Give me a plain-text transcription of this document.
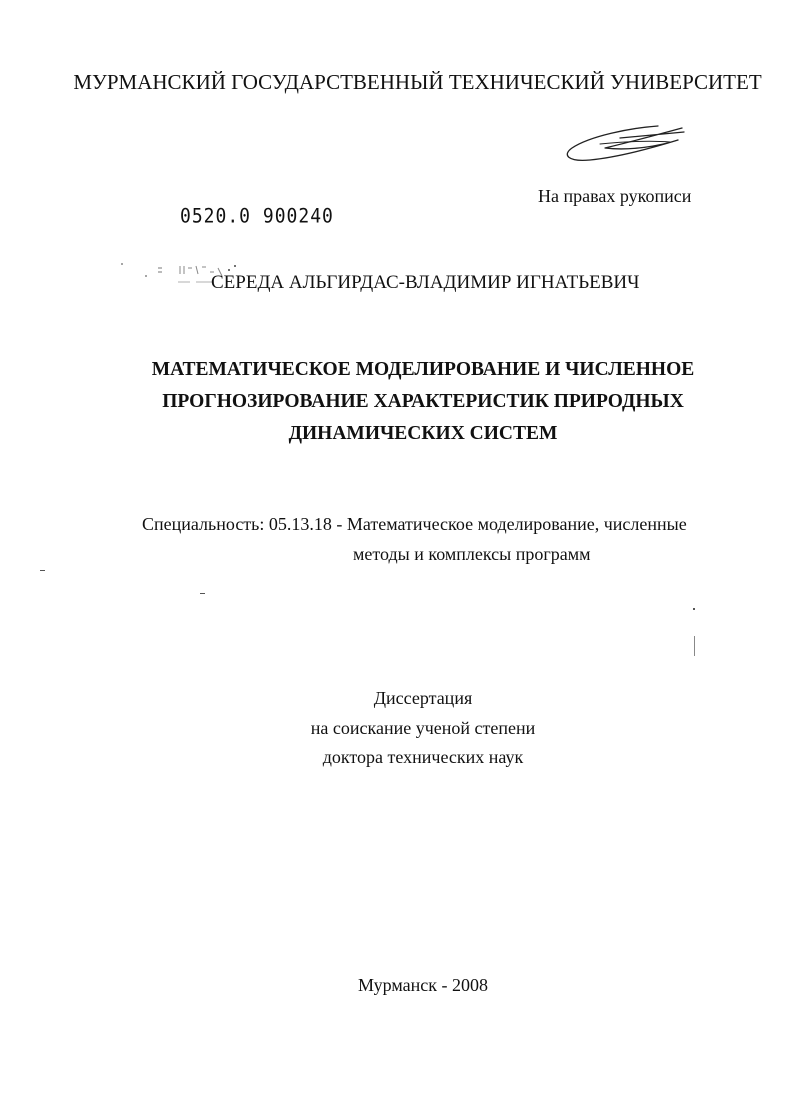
МУРМАНСКИЙ ГОСУДАРСТВЕННЫЙ ТЕХНИЧЕСКИЙ УНИВЕРСИТЕТ
На правах рукописи
0520.0 900240
СЕРЕДА АЛЬГИРДАС-ВЛАДИМИР ИГНАТЬЕВИЧ
МАТЕМАТИЧЕСКОЕ МОДЕЛИРОВАНИЕ И ЧИСЛЕННОЕ
ПРОГНОЗИРОВАНИЕ ХАРАКТЕРИСТИК ПРИРОДНЫХ
ДИНАМИЧЕСКИХ СИСТЕМ
Специальность: 05.13.18 - Математическое моделирование, численные
методы и комплексы программ
Диссертация
на соискание ученой степени
доктора технических наук
Мурманск - 2008
